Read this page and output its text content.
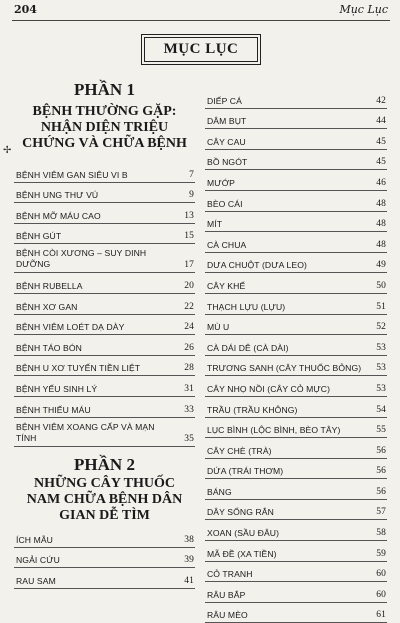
204	Mục Lục
MỤC LỤC
PHẦN 1
BỆNH THƯỜNG GẶP:
NHẬN DIỆN TRIỆU
CHỨNG VÀ CHỮA BỆNH
BỆNH VIÊM GAN SIÊU VI B	7
BỆNH UNG THƯ VÚ	9
BỆNH MỠ MÁU CAO	13
BỆNH GÚT	15
BỆNH CÒI XƯƠNG – SUY DINH DƯỠNG	17
BỆNH RUBELLA	20
BỆNH XƠ GAN	22
BỆNH VIÊM LOÉT DẠ DÀY	24
BỆNH TÁO BÓN	26
BỆNH U XƠ TUYẾN TIỀN LIỆT	28
BỆNH YẾU SINH LÝ	31
BỆNH THIẾU MÁU	33
BỆNH VIÊM XOANG CẤP VÀ MẠN TÍNH	35
PHẦN 2
NHỮNG CÂY THUỐC
NAM CHỮA BỆNH DÂN
GIAN DỄ TÌM
ÍCH MẪU	38
NGẢI CỨU	39
RAU SAM	41
✢
DIẾP CÁ	42
DÂM BỤT	44
CÂY CAU	45
BỒ NGÓT	45
MƯỚP	46
BÈO CÁI	48
MÍT	48
CÀ CHUA	48
DƯA CHUỘT (DƯA LEO)	49
CÂY KHẾ	50
THẠCH LỰU (LỰU)	51
MÙ U	52
CÀ DÁI DÊ (CÀ DÀI)	53
TRƯƠNG SANH (CÂY THUỐC BỎNG) 53
CÂY NHỌ NỒI (CÂY CỎ MỰC)	53
TRẦU (TRẦU KHÔNG)	54
LỤC BÌNH (LỘC BÌNH, BÈO TÂY)	55
CÂY CHÈ (TRÀ)	56
DỨA (TRÁI THƠM)	56
BÁNG	56
DÂY SỐNG RẮN	57
XOAN (SẦU ĐÂU)	58
MÃ ĐỀ (XA TIỀN)	59
CỎ TRANH	60
RÂU BẮP	60
RÂU MÈO	61
